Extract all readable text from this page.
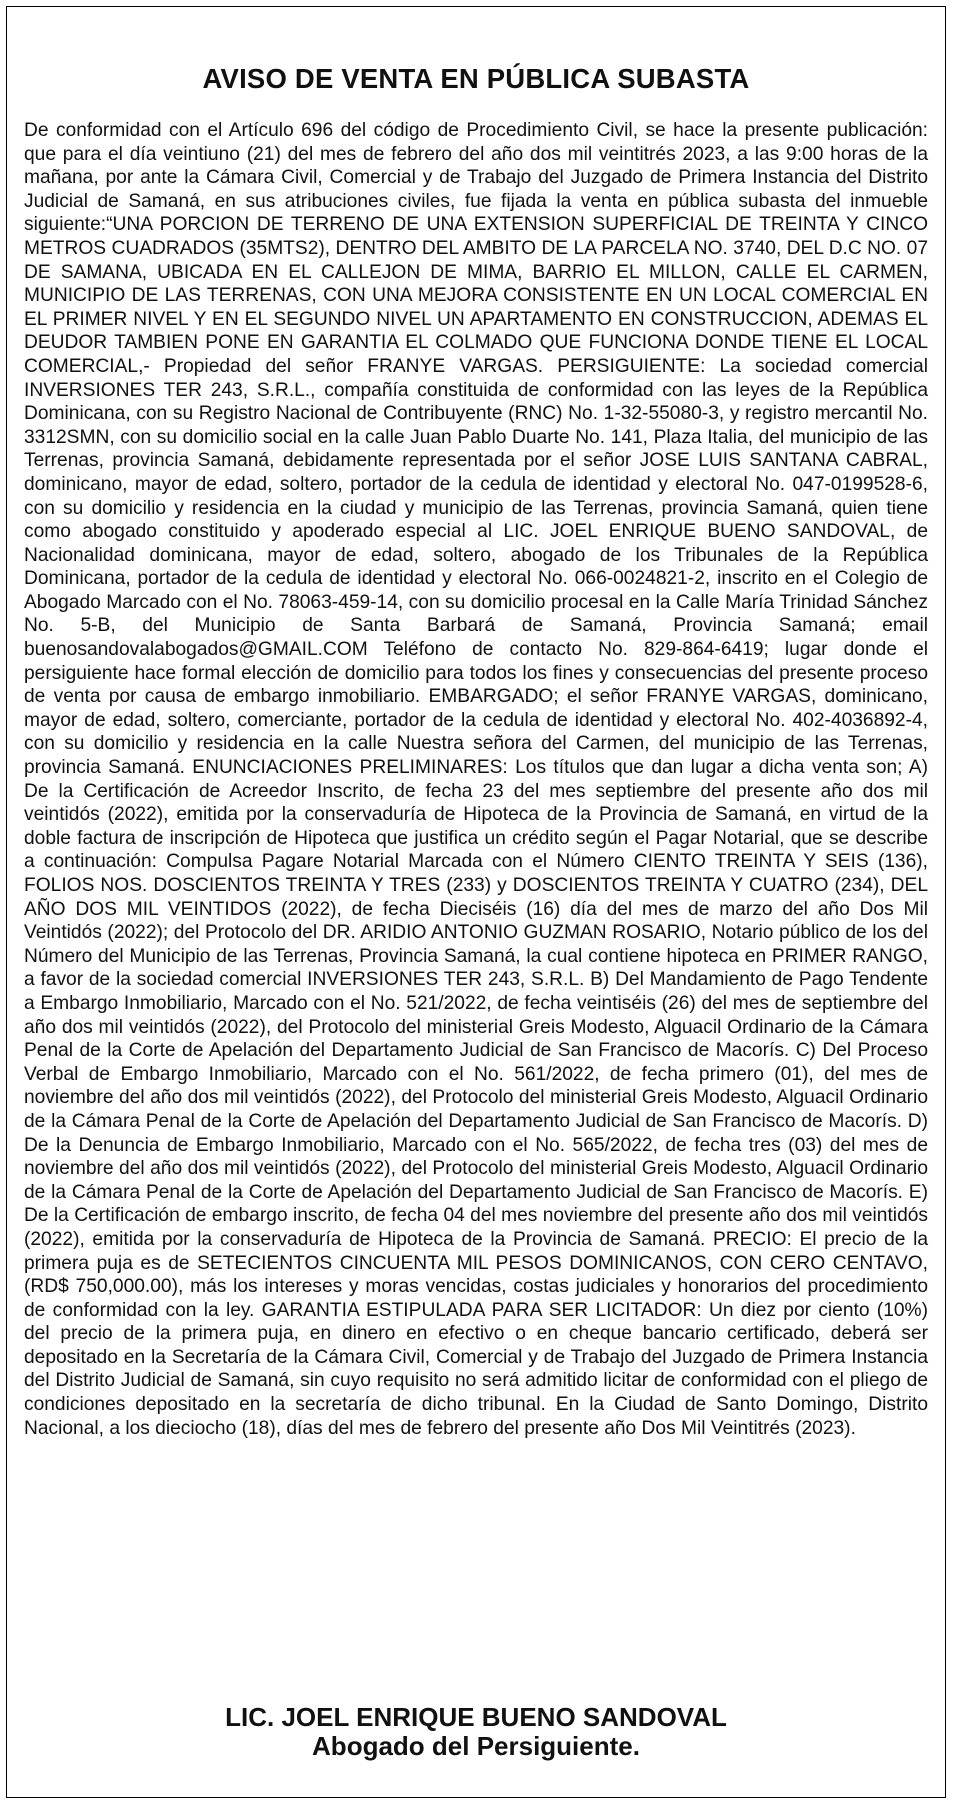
AVISO DE VENTA EN PÚBLICA SUBASTA

De conformidad con el Artículo 696 del código de Procedimiento Civil, se hace la presente publicación: que para el día veintiuno (21) del mes de febrero del año dos mil veintitrés 2023, a las 9:00 horas de la mañana, por ante la Cámara Civil, Comercial y de Trabajo del Juzgado de Primera Instancia del Distrito Judicial de Samaná, en sus atribuciones civiles, fue fijada la venta en pública subasta del inmueble siguiente:“UNA PORCION DE TERRENO DE UNA EXTENSION SUPERFICIAL DE TREINTA Y CINCO METROS CUADRADOS (35MTS2), DENTRO DEL AMBITO DE LA PARCELA NO. 3740, DEL D.C NO. 07 DE SAMANA, UBICADA EN EL CALLEJON DE MIMA, BARRIO EL MILLON, CALLE EL CARMEN, MUNICIPIO DE LAS TERRENAS, CON UNA MEJORA CONSISTENTE EN UN LOCAL COMERCIAL EN EL PRIMER NIVEL Y EN EL SEGUNDO NIVEL UN APARTAMENTO EN CONSTRUCCION, ADEMAS EL DEUDOR TAMBIEN PONE EN GARANTIA EL COLMADO QUE FUNCIONA DONDE TIENE EL LOCAL COMERCIAL,- Propiedad del señor FRANYE VARGAS. PERSIGUIENTE: La sociedad comercial INVERSIONES TER 243, S.R.L., compañía constituida de conformidad con las leyes de la República Dominicana, con su Registro Nacional de Contribuyente (RNC) No. 1-32-55080-3, y registro mercantil No. 3312SMN, con su domicilio social en la calle Juan Pablo Duarte No. 141, Plaza Italia, del municipio de las Terrenas, provincia Samaná, debidamente representada por el señor JOSE LUIS SANTANA CABRAL, dominicano, mayor de edad, soltero, portador de la cedula de identidad y electoral No. 047-0199528-6, con su domicilio y residencia en la ciudad y municipio de las Terrenas, provincia Samaná, quien tiene como abogado constituido y apoderado especial al LIC. JOEL ENRIQUE BUENO SANDOVAL, de Nacionalidad dominicana, mayor de edad, soltero, abogado de los Tribunales de la República Dominicana, portador de la cedula de identidad y electoral No. 066-0024821-2, inscrito en el Colegio de Abogado Marcado con el No. 78063-459-14, con su domicilio procesal en la Calle María Trinidad Sánchez No. 5-B, del Municipio de Santa Barbará de Samaná, Provincia Samaná; email buenosandovalabogados@GMAIL.COM Teléfono de contacto No. 829-864-6419; lugar donde el persiguiente hace formal elección de domicilio para todos los fines y consecuencias del presente proceso de venta por causa de embargo inmobiliario. EMBARGADO; el señor FRANYE VARGAS, dominicano, mayor de edad, soltero, comerciante, portador de la cedula de identidad y electoral No. 402-4036892-4, con su domicilio y residencia en la calle Nuestra señora del Carmen, del municipio de las Terrenas, provincia Samaná. ENUNCIACIONES PRELIMINARES: Los títulos que dan lugar a dicha venta son; A) De la Certificación de Acreedor Inscrito, de fecha 23 del mes septiembre del presente año dos mil veintidós (2022), emitida por la conservaduría de Hipoteca de la Provincia de Samaná, en virtud de la doble factura de inscripción de Hipoteca que justifica un crédito según el Pagar Notarial, que se describe a continuación: Compulsa Pagare Notarial Marcada con el Número CIENTO TREINTA Y SEIS (136), FOLIOS NOS. DOSCIENTOS TREINTA Y TRES (233) y DOSCIENTOS TREINTA Y CUATRO (234), DEL AÑO DOS MIL VEINTIDOS (2022), de fecha Dieciséis (16) día del mes de marzo del año Dos Mil Veintidós (2022); del Protocolo del DR. ARIDIO ANTONIO GUZMAN ROSARIO, Notario público de los del Número del Municipio de las Terrenas, Provincia Samaná, la cual contiene hipoteca en PRIMER RANGO, a favor de la sociedad comercial INVERSIONES TER 243, S.R.L. B) Del Mandamiento de Pago Tendente a Embargo Inmobiliario, Marcado con el No. 521/2022, de fecha veintiséis (26) del mes de septiembre del año dos mil veintidós (2022), del Protocolo del ministerial Greis Modesto, Alguacil Ordinario de la Cámara Penal de la Corte de Apelación del Departamento Judicial de San Francisco de Macorís. C) Del Proceso Verbal de Embargo Inmobiliario, Marcado con el No. 561/2022, de fecha primero (01), del mes de noviembre del año dos mil veintidós (2022), del Protocolo del ministerial Greis Modesto, Alguacil Ordinario de la Cámara Penal de la Corte de Apelación del Departamento Judicial de San Francisco de Macorís. D) De la Denuncia de Embargo Inmobiliario, Marcado con el No. 565/2022, de fecha tres (03) del mes de noviembre del año dos mil veintidós (2022), del Protocolo del ministerial Greis Modesto, Alguacil Ordinario de la Cámara Penal de la Corte de Apelación del Departamento Judicial de San Francisco de Macorís. E) De la Certificación de embargo inscrito, de fecha 04 del mes noviembre del presente año dos mil veintidós (2022), emitida por la conservaduría de Hipoteca de la Provincia de Samaná. PRECIO: El precio de la primera puja es de SETECIENTOS CINCUENTA MIL PESOS DOMINICANOS, CON CERO CENTAVO, (RD$ 750,000.00), más los intereses y moras vencidas, costas judiciales y honorarios del procedimiento de conformidad con la ley. GARANTIA ESTIPULADA PARA SER LICITADOR: Un diez por ciento (10%) del precio de la primera puja, en dinero en efectivo o en cheque bancario certificado, deberá ser depositado en la Secretaría de la Cámara Civil, Comercial y de Trabajo del Juzgado de Primera Instancia del Distrito Judicial de Samaná, sin cuyo requisito no será admitido licitar de conformidad con el pliego de condiciones depositado en la secretaría de dicho tribunal. En la Ciudad de Santo Domingo, Distrito Nacional, a los dieciocho (18), días del mes de febrero del presente año Dos Mil Veintitrés (2023).

LIC. JOEL ENRIQUE BUENO SANDOVAL
Abogado del Persiguiente.
